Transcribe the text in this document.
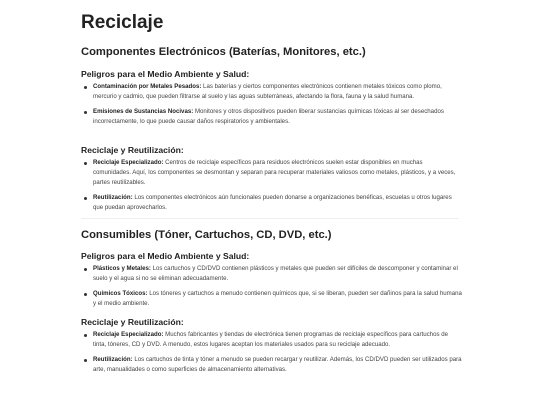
Reciclaje
Componentes Electrónicos (Baterías, Monitores, etc.)
Peligros para el Medio Ambiente y Salud:
Contaminación por Metales Pesados: Las baterías y ciertos componentes electrónicos contienen metales tóxicos como plomo, mercurio y cadmio, que pueden filtrarse al suelo y las aguas subterráneas, afectando la flora, fauna y la salud humana.
Emisiones de Sustancias Nocivas: Monitores y otros dispositivos pueden liberar sustancias químicas tóxicas al ser desechados incorrectamente, lo que puede causar daños respiratorios y ambientales.
Reciclaje y Reutilización:
Reciclaje Especializado: Centros de reciclaje específicos para residuos electrónicos suelen estar disponibles en muchas comunidades. Aquí, los componentes se desmontan y separan para recuperar materiales valiosos como metales, plásticos, y a veces, partes reutilizables.
Reutilización: Los componentes electrónicos aún funcionales pueden donarse a organizaciones benéficas, escuelas u otros lugares que puedan aprovecharlos.
Consumibles (Tóner, Cartuchos, CD, DVD, etc.)
Peligros para el Medio Ambiente y Salud:
Plásticos y Metales: Los cartuchos y CD/DVD contienen plásticos y metales que pueden ser difíciles de descomponer y contaminar el suelo y el agua si no se eliminan adecuadamente.
Químicos Tóxicos: Los tóneres y cartuchos a menudo contienen químicos que, si se liberan, pueden ser dañinos para la salud humana y el medio ambiente.
Reciclaje y Reutilización:
Reciclaje Especializado: Muchos fabricantes y tiendas de electrónica tienen programas de reciclaje específicos para cartuchos de tinta, tóneres, CD y DVD. A menudo, estos lugares aceptan los materiales usados para su reciclaje adecuado.
Reutilización: Los cartuchos de tinta y tóner a menudo se pueden recargar y reutilizar. Además, los CD/DVD pueden ser utilizados para arte, manualidades o como superficies de almacenamiento alternativas.
